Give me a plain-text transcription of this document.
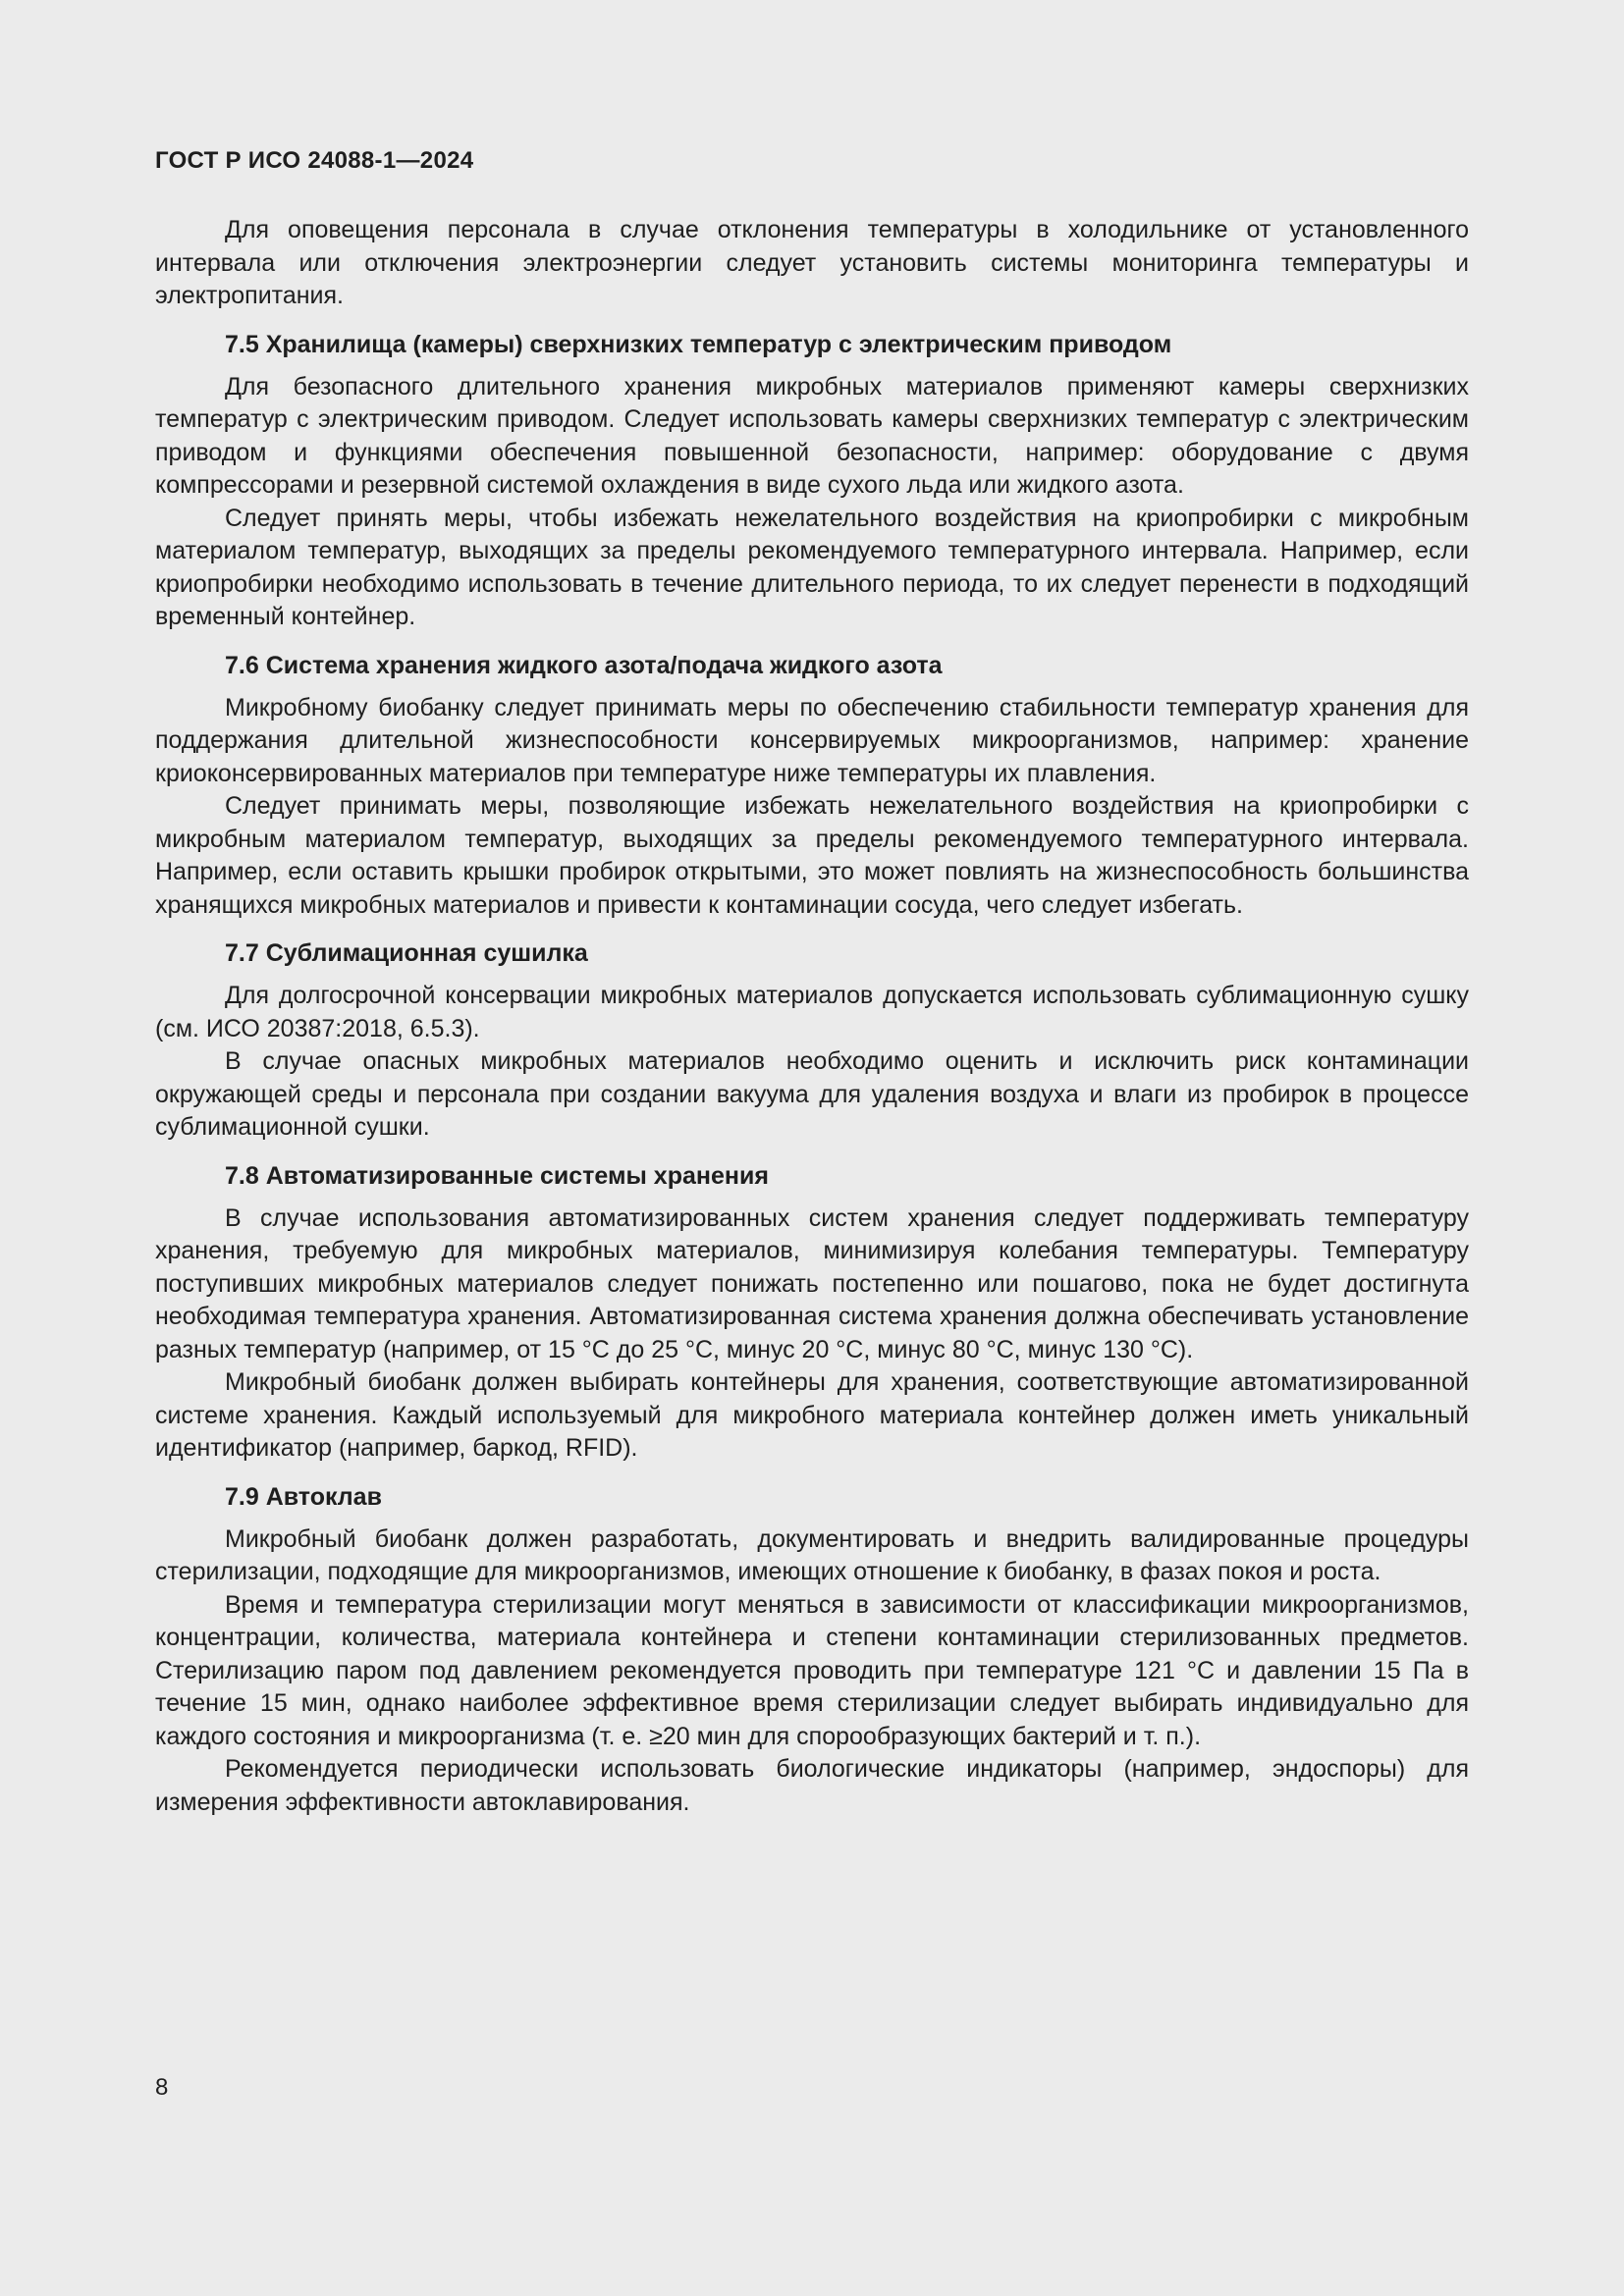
ГОСТ Р ИСО 24088-1—2024

Для оповещения персонала в случае отклонения температуры в холодильнике от установленного интервала или отключения электроэнергии следует установить системы мониторинга температуры и электропитания.

7.5 Хранилища (камеры) сверхнизких температур с электрическим приводом

Для безопасного длительного хранения микробных материалов применяют камеры сверхнизких температур с электрическим приводом. Следует использовать камеры сверхнизких температур с электрическим приводом и функциями обеспечения повышенной безопасности, например: оборудование с двумя компрессорами и резервной системой охлаждения в виде сухого льда или жидкого азота.

Следует принять меры, чтобы избежать нежелательного воздействия на криопробирки с микробным материалом температур, выходящих за пределы рекомендуемого температурного интервала. Например, если криопробирки необходимо использовать в течение длительного периода, то их следует перенести в подходящий временный контейнер.

7.6 Система хранения жидкого азота/подача жидкого азота

Микробному биобанку следует принимать меры по обеспечению стабильности температур хранения для поддержания длительной жизнеспособности консервируемых микроорганизмов, например: хранение криоконсервированных материалов при температуре ниже температуры их плавления.

Следует принимать меры, позволяющие избежать нежелательного воздействия на криопробирки с микробным материалом температур, выходящих за пределы рекомендуемого температурного интервала. Например, если оставить крышки пробирок открытыми, это может повлиять на жизнеспособность большинства хранящихся микробных материалов и привести к контаминации сосуда, чего следует избегать.

7.7 Сублимационная сушилка

Для долгосрочной консервации микробных материалов допускается использовать сублимационную сушку (см. ИСО 20387:2018, 6.5.3).

В случае опасных микробных материалов необходимо оценить и исключить риск контаминации окружающей среды и персонала при создании вакуума для удаления воздуха и влаги из пробирок в процессе сублимационной сушки.

7.8 Автоматизированные системы хранения

В случае использования автоматизированных систем хранения следует поддерживать температуру хранения, требуемую для микробных материалов, минимизируя колебания температуры. Температуру поступивших микробных материалов следует понижать постепенно или пошагово, пока не будет достигнута необходимая температура хранения. Автоматизированная система хранения должна обеспечивать установление разных температур (например, от 15 °C до 25 °C, минус 20 °C, минус 80 °C, минус 130 °C).

Микробный биобанк должен выбирать контейнеры для хранения, соответствующие автоматизированной системе хранения. Каждый используемый для микробного материала контейнер должен иметь уникальный идентификатор (например, баркод, RFID).

7.9 Автоклав

Микробный биобанк должен разработать, документировать и внедрить валидированные процедуры стерилизации, подходящие для микроорганизмов, имеющих отношение к биобанку, в фазах покоя и роста.

Время и температура стерилизации могут меняться в зависимости от классификации микроорганизмов, концентрации, количества, материала контейнера и степени контаминации стерилизованных предметов. Стерилизацию паром под давлением рекомендуется проводить при температуре 121 °C и давлении 15 Па в течение 15 мин, однако наиболее эффективное время стерилизации следует выбирать индивидуально для каждого состояния и микроорганизма (т. е. ≥20 мин для спорообразующих бактерий и т. п.).

Рекомендуется периодически использовать биологические индикаторы (например, эндоспоры) для измерения эффективности автоклавирования.

8
